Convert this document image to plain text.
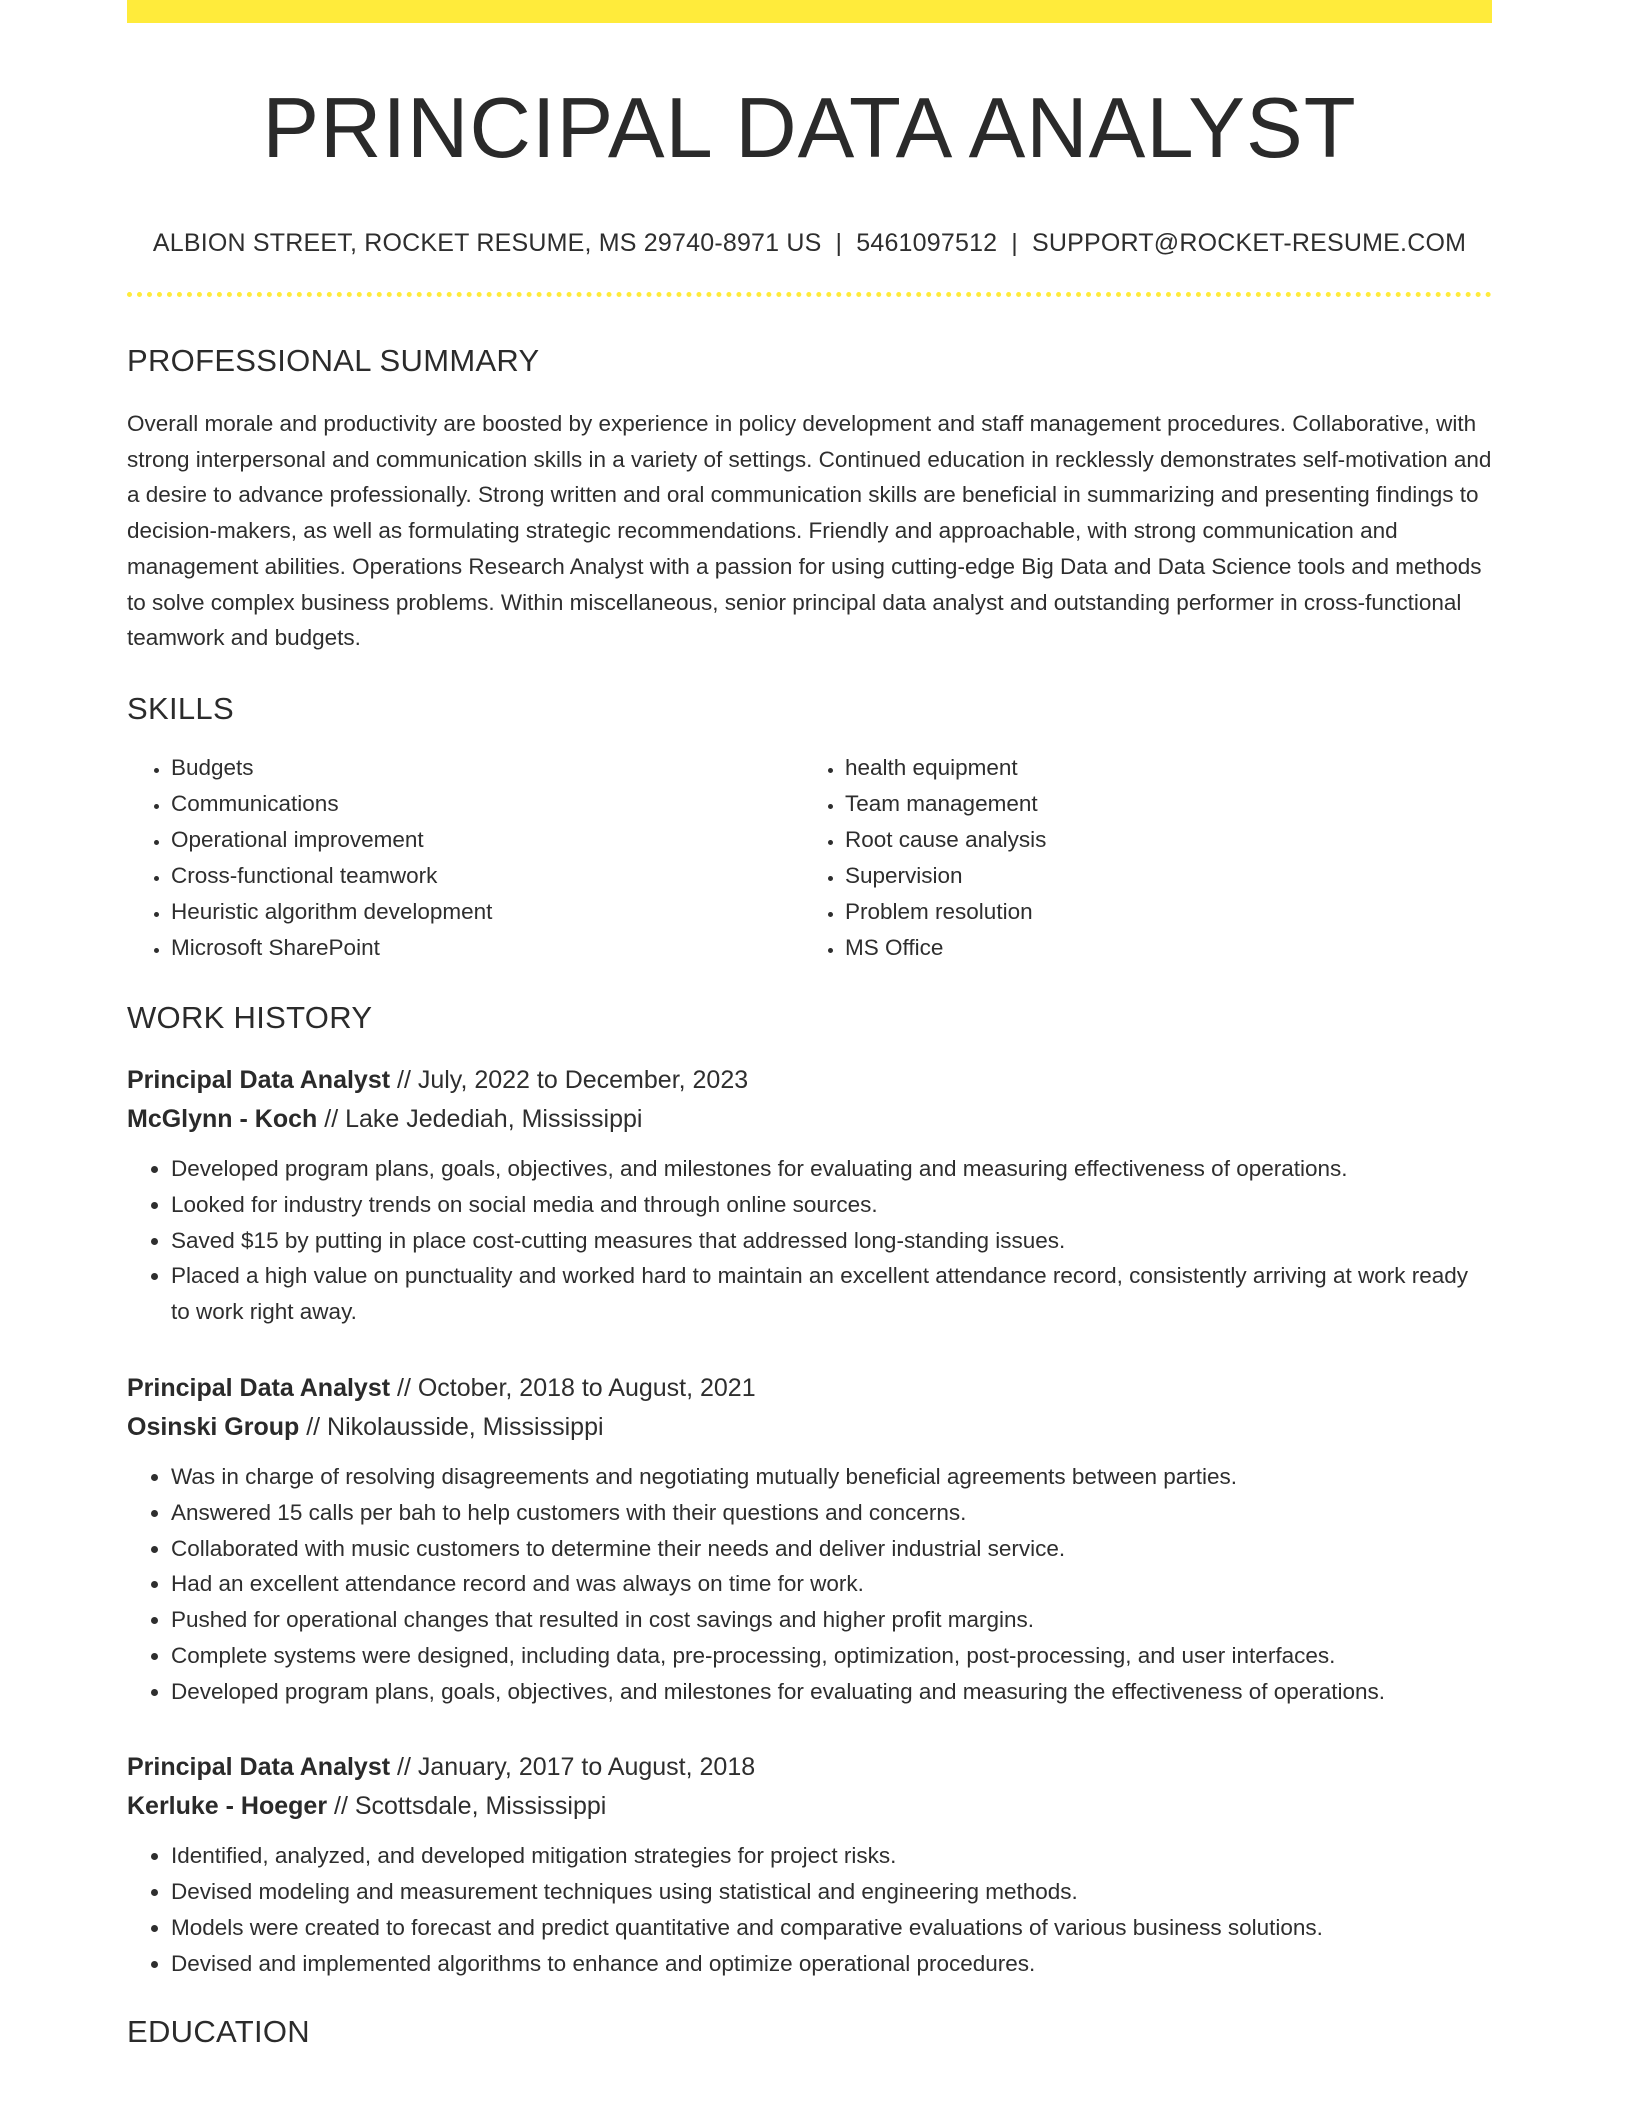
PRINCIPAL DATA ANALYST
ALBION STREET, ROCKET RESUME, MS 29740-8971 US | 5461097512 | SUPPORT@ROCKET-RESUME.COM
PROFESSIONAL SUMMARY
Overall morale and productivity are boosted by experience in policy development and staff management procedures. Collaborative, with strong interpersonal and communication skills in a variety of settings. Continued education in recklessly demonstrates self-motivation and a desire to advance professionally. Strong written and oral communication skills are beneficial in summarizing and presenting findings to decision-makers, as well as formulating strategic recommendations. Friendly and approachable, with strong communication and management abilities. Operations Research Analyst with a passion for using cutting-edge Big Data and Data Science tools and methods to solve complex business problems. Within miscellaneous, senior principal data analyst and outstanding performer in cross-functional teamwork and budgets.
SKILLS
• Budgets
• Communications
• Operational improvement
• Cross-functional teamwork
• Heuristic algorithm development
• Microsoft SharePoint
• health equipment
• Team management
• Root cause analysis
• Supervision
• Problem resolution
• MS Office
WORK HISTORY
Principal Data Analyst // July, 2022 to December, 2023
McGlynn - Koch // Lake Jedediah, Mississippi
• Developed program plans, goals, objectives, and milestones for evaluating and measuring effectiveness of operations.
• Looked for industry trends on social media and through online sources.
• Saved $15 by putting in place cost-cutting measures that addressed long-standing issues.
• Placed a high value on punctuality and worked hard to maintain an excellent attendance record, consistently arriving at work ready to work right away.
Principal Data Analyst // October, 2018 to August, 2021
Osinski Group // Nikolausside, Mississippi
• Was in charge of resolving disagreements and negotiating mutually beneficial agreements between parties.
• Answered 15 calls per bah to help customers with their questions and concerns.
• Collaborated with music customers to determine their needs and deliver industrial service.
• Had an excellent attendance record and was always on time for work.
• Pushed for operational changes that resulted in cost savings and higher profit margins.
• Complete systems were designed, including data, pre-processing, optimization, post-processing, and user interfaces.
• Developed program plans, goals, objectives, and milestones for evaluating and measuring the effectiveness of operations.
Principal Data Analyst // January, 2017 to August, 2018
Kerluke - Hoeger // Scottsdale, Mississippi
• Identified, analyzed, and developed mitigation strategies for project risks.
• Devised modeling and measurement techniques using statistical and engineering methods.
• Models were created to forecast and predict quantitative and comparative evaluations of various business solutions.
• Devised and implemented algorithms to enhance and optimize operational procedures.
EDUCATION
